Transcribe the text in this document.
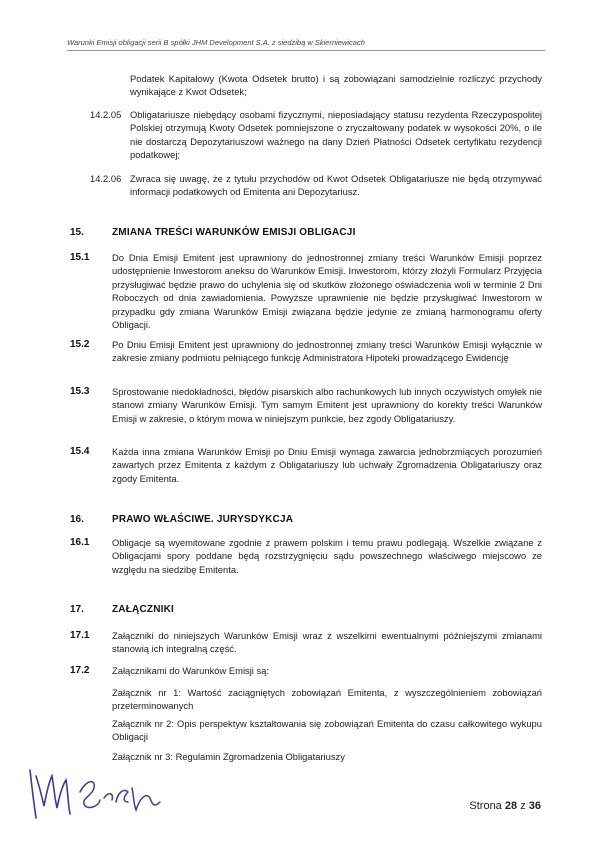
Warunki Emisji obligacji serii B spółki JHM Development S.A. z siedzibą w Skierniewicach
Podatek Kapitałowy (Kwota Odsetek brutto) i są zobowiązani samodzielnie rozliczyć przychody wynikające z Kwot Odsetek;
14.2.05 Obligatariusze niebędący osobami fizycznymi, nieposiadający statusu rezydenta Rzeczypospolitej Polskiej otrzymują Kwoty Odsetek pomniejszone o zryczałtowany podatek w wysokości 20%, o ile nie dostarczą Depozytariuszowi ważnego na dany Dzień Płatności Odsetek certyfikatu rezydencji podatkowej;
14.2.06 Zwraca się uwagę, że z tytułu przychodów od Kwot Odsetek Obligatariusze nie będą otrzymywać informacji podatkowych od Emitenta ani Depozytariusz.
15.	ZMIANA TREŚCI WARUNKÓW EMISJI OBLIGACJI
15.1 Do Dnia Emisji Emitent jest uprawniony do jednostronnej zmiany treści Warunków Emisji poprzez udostępnienie Inwestorom aneksu do Warunków Emisji. Inwestorom, którzy złożyli Formularz Przyjęcia przysługiwać będzie prawo do uchylenia się od skutków złożonego oświadczenia woli w terminie 2 Dni Roboczych od dnia zawiadomienia. Powyższe uprawnienie nie będzie przysługiwać Inwestorom w przypadku gdy zmiana Warunków Emisji związana będzie jedynie ze zmianą harmonogramu oferty Obligacji.
15.2 Po Dniu Emisji Emitent jest uprawniony do jednostronnej zmiany treści Warunków Emisji wyłącznie w zakresie zmiany podmiotu pełniącego funkcję Administratora Hipoteki prowadzącego Ewidencję
15.3 Sprostowanie niedokładności, błędów pisarskich albo rachunkowych lub innych oczywistych omyłek nie stanowi zmiany Warunków Emisji. Tym samym Emitent jest uprawniony do korekty treści Warunków Emisji w zakresie, o którym mowa w niniejszym punkcie, bez zgody Obligatariuszy.
15.4 Każda inna zmiana Warunków Emisji po Dniu Emisji wymaga zawarcia jednobrzmiących porozumień zawartych przez Emitenta z każdym z Obligatariuszy lub uchwały Zgromadzenia Obligatariuszy oraz zgody Emitenta.
16.	PRAWO WŁAŚCIWE. JURYSDYKCJA
16.1 Obligacje są wyemitowane zgodnie z prawem polskim i temu prawu podlegają. Wszelkie związane z Obligacjami spory poddane będą rozstrzygnięciu sądu powszechnego właściwego miejscowo ze względu na siedzibę Emitenta.
17.	ZAŁĄCZNIKI
17.1 Załączniki do niniejszych Warunków Emisji wraz z wszelkimi ewentualnymi późniejszymi zmianami stanowią ich integralną część.
17.2 Załącznikami do Warunków Emisji są:
Załącznik nr 1: Wartość zaciągniętych zobowiązań Emitenta, z wyszczególnieniem zobowiązań przeterminowanych
Załącznik nr 2: Opis perspektyw kształtowania się zobowiązań Emitenta do czasu całkowitego wykupu Obligacji
Załącznik nr 3: Regulamin Zgromadzenia Obligatariuszy
Strona 28 z 36
